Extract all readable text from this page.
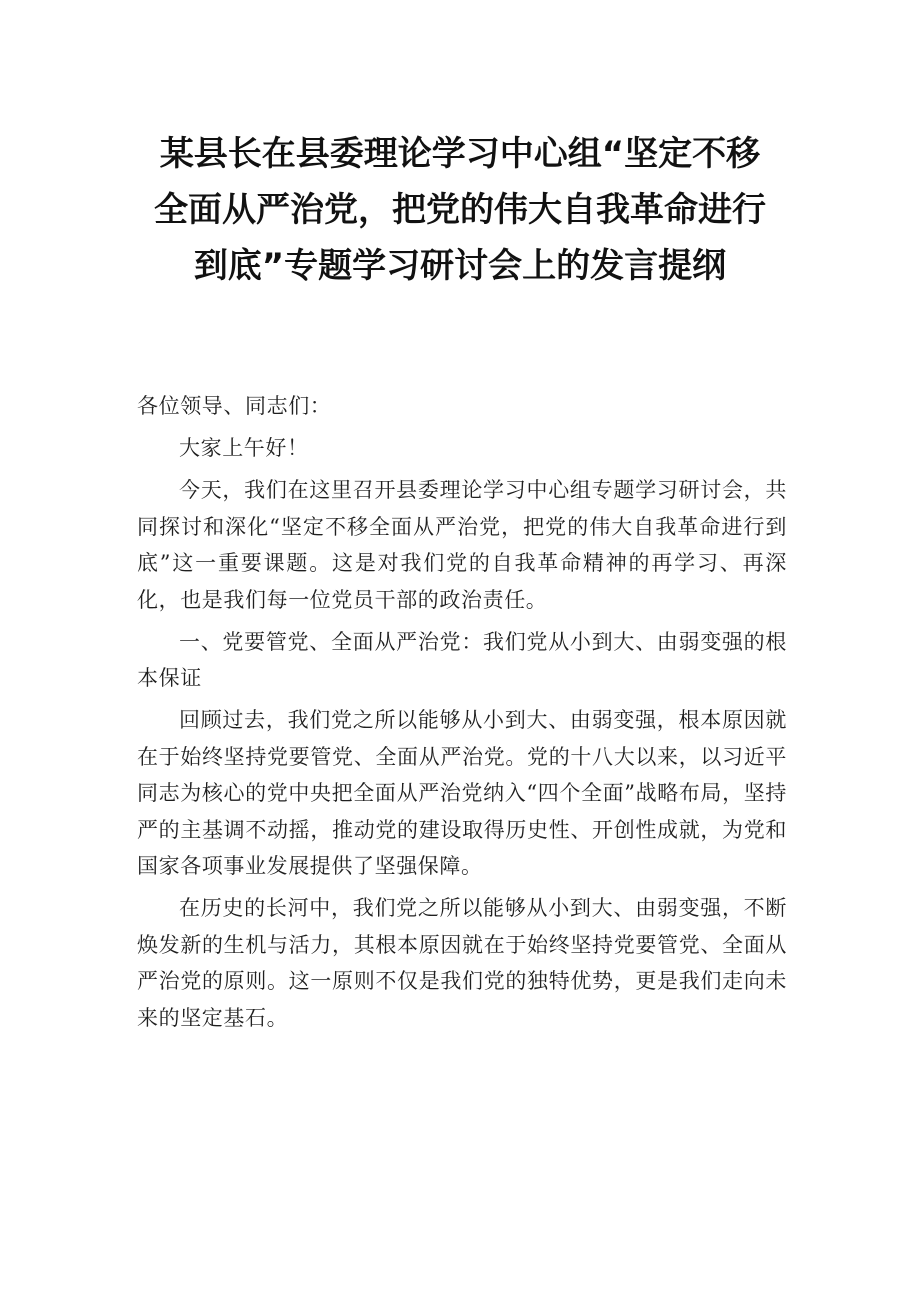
某县长在县委理论学习中心组“坚定不移
全面从严治党，把党的伟大自我革命进行
到底”专题学习研讨会上的发言提纲

各位领导、同志们：

大家上午好！

今天，我们在这里召开县委理论学习中心组专题学习研讨会，共同探讨和深化“坚定不移全面从严治党，把党的伟大自我革命进行到底”这一重要课题。这是对我们党的自我革命精神的再学习、再深化，也是我们每一位党员干部的政治责任。

一、党要管党、全面从严治党：我们党从小到大、由弱变强的根本保证

回顾过去，我们党之所以能够从小到大、由弱变强，根本原因就在于始终坚持党要管党、全面从严治党。党的十八大以来，以习近平同志为核心的党中央把全面从严治党纳入“四个全面”战略布局，坚持严的主基调不动摇，推动党的建设取得历史性、开创性成就，为党和国家各项事业发展提供了坚强保障。

在历史的长河中，我们党之所以能够从小到大、由弱变强，不断焕发新的生机与活力，其根本原因就在于始终坚持党要管党、全面从严治党的原则。这一原则不仅是我们党的独特优势，更是我们走向未来的坚定基石。
